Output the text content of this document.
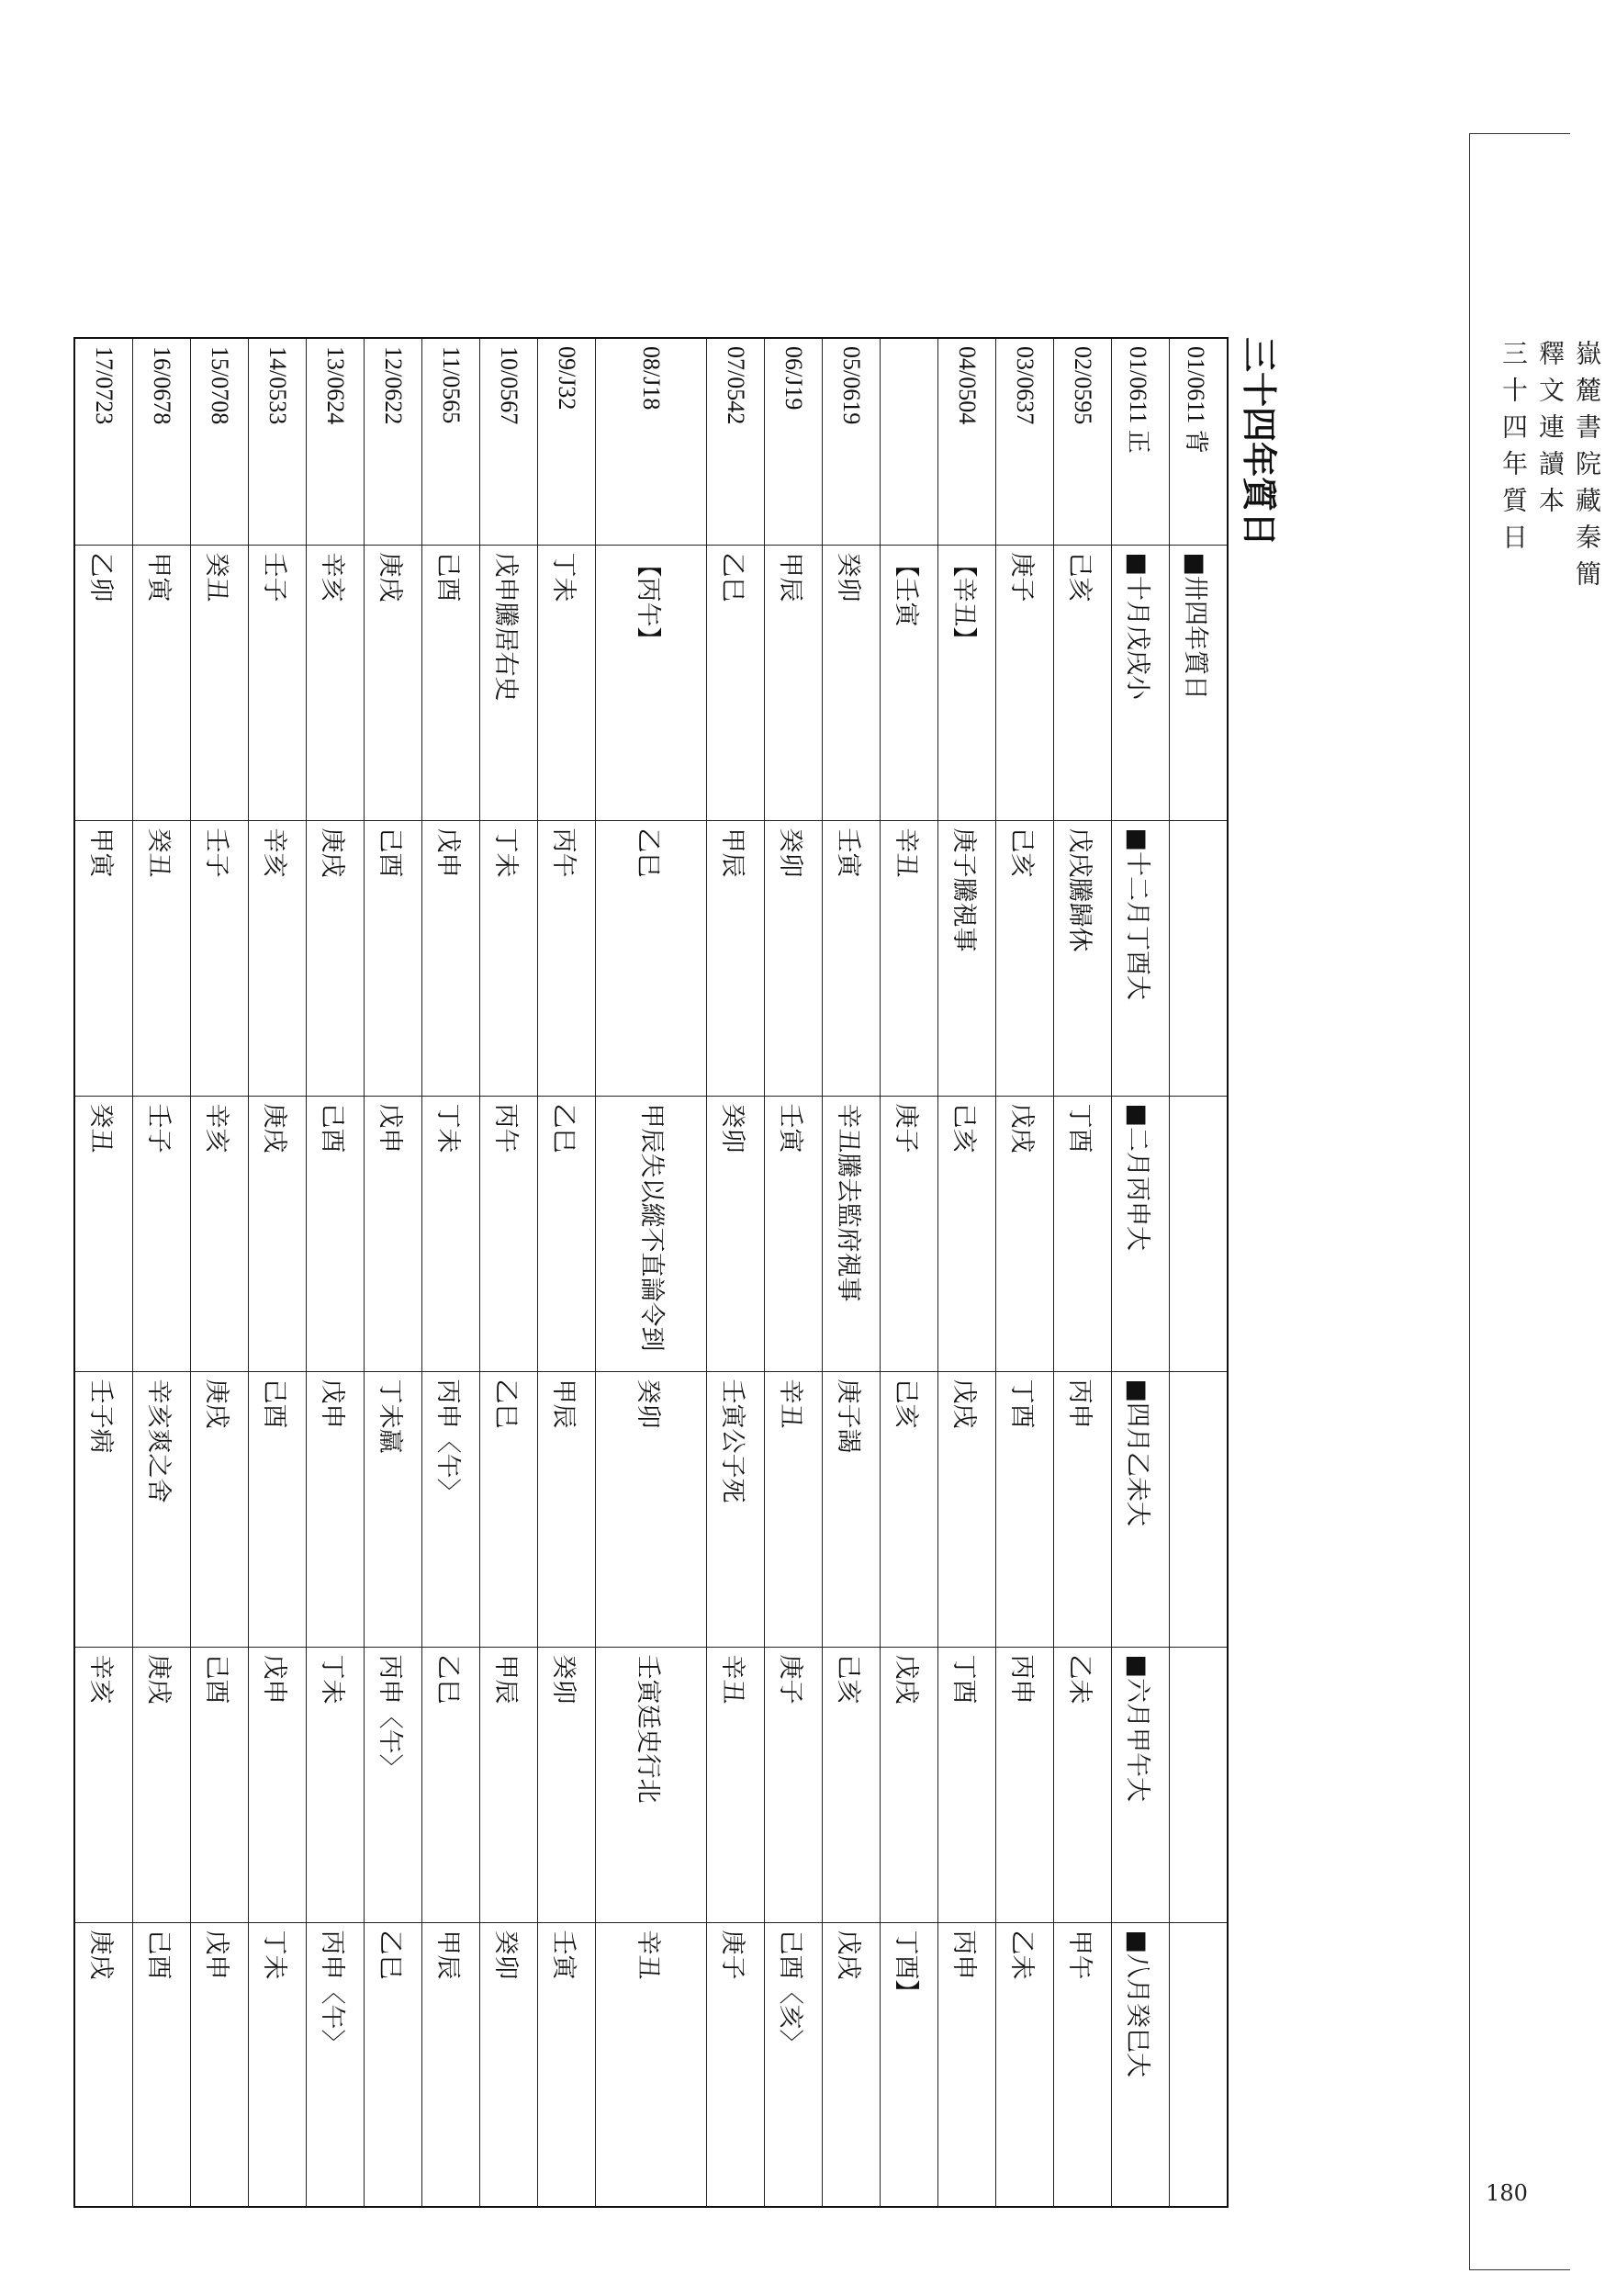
嶽麓書院藏秦簡
釋文連讀本
三十四年質日
180
三十四年質日
01/0611 背	■卅四年質日					
01/0611 正	■十月戊戌小	■十二月丁酉大	■二月丙申大	■四月乙未大	■六月甲午大	■八月癸巳大
02/0595	己亥	戊戌騰歸休	丁酉	丙申	乙未	甲午
03/0637	庚子	己亥	戊戌	丁酉	丙申	乙未
04/0504	【辛丑】	庚子騰視事	己亥	戊戌	丁酉	丙申
	【壬寅	辛丑	庚子	己亥	戊戌	丁酉】
05/0619	癸卯	壬寅	辛丑騰去監府視事	庚子謁	己亥	戊戌
06/J19	甲辰	癸卯	壬寅	辛丑	庚子	己酉〈亥〉
07/0542	乙巳	甲辰	癸卯	壬寅公子死	辛丑	庚子
08/J18	【丙午】	乙巳	甲辰失以縱不直論令到	癸卯	壬寅廷史行北	辛丑
09/J32	丁未	丙午	乙巳	甲辰	癸卯	壬寅
10/0567	戊申騰居右史	丁未	丙午	乙巳	甲辰	癸卯
11/0565	己酉	戊申	丁未	丙申〈午〉	乙巳	甲辰
12/0622	庚戌	己酉	戊申	丁未羸	丙申〈午〉	乙巳
13/0624	辛亥	庚戌	己酉	戊申	丁未	丙申〈午〉
14/0533	壬子	辛亥	庚戌	己酉	戊申	丁未
15/0708	癸丑	壬子	辛亥	庚戌	己酉	戊申
16/0678	甲寅	癸丑	壬子	辛亥爽之舍	庚戌	己酉
17/0723	乙卯	甲寅	癸丑	壬子病	辛亥	庚戌
